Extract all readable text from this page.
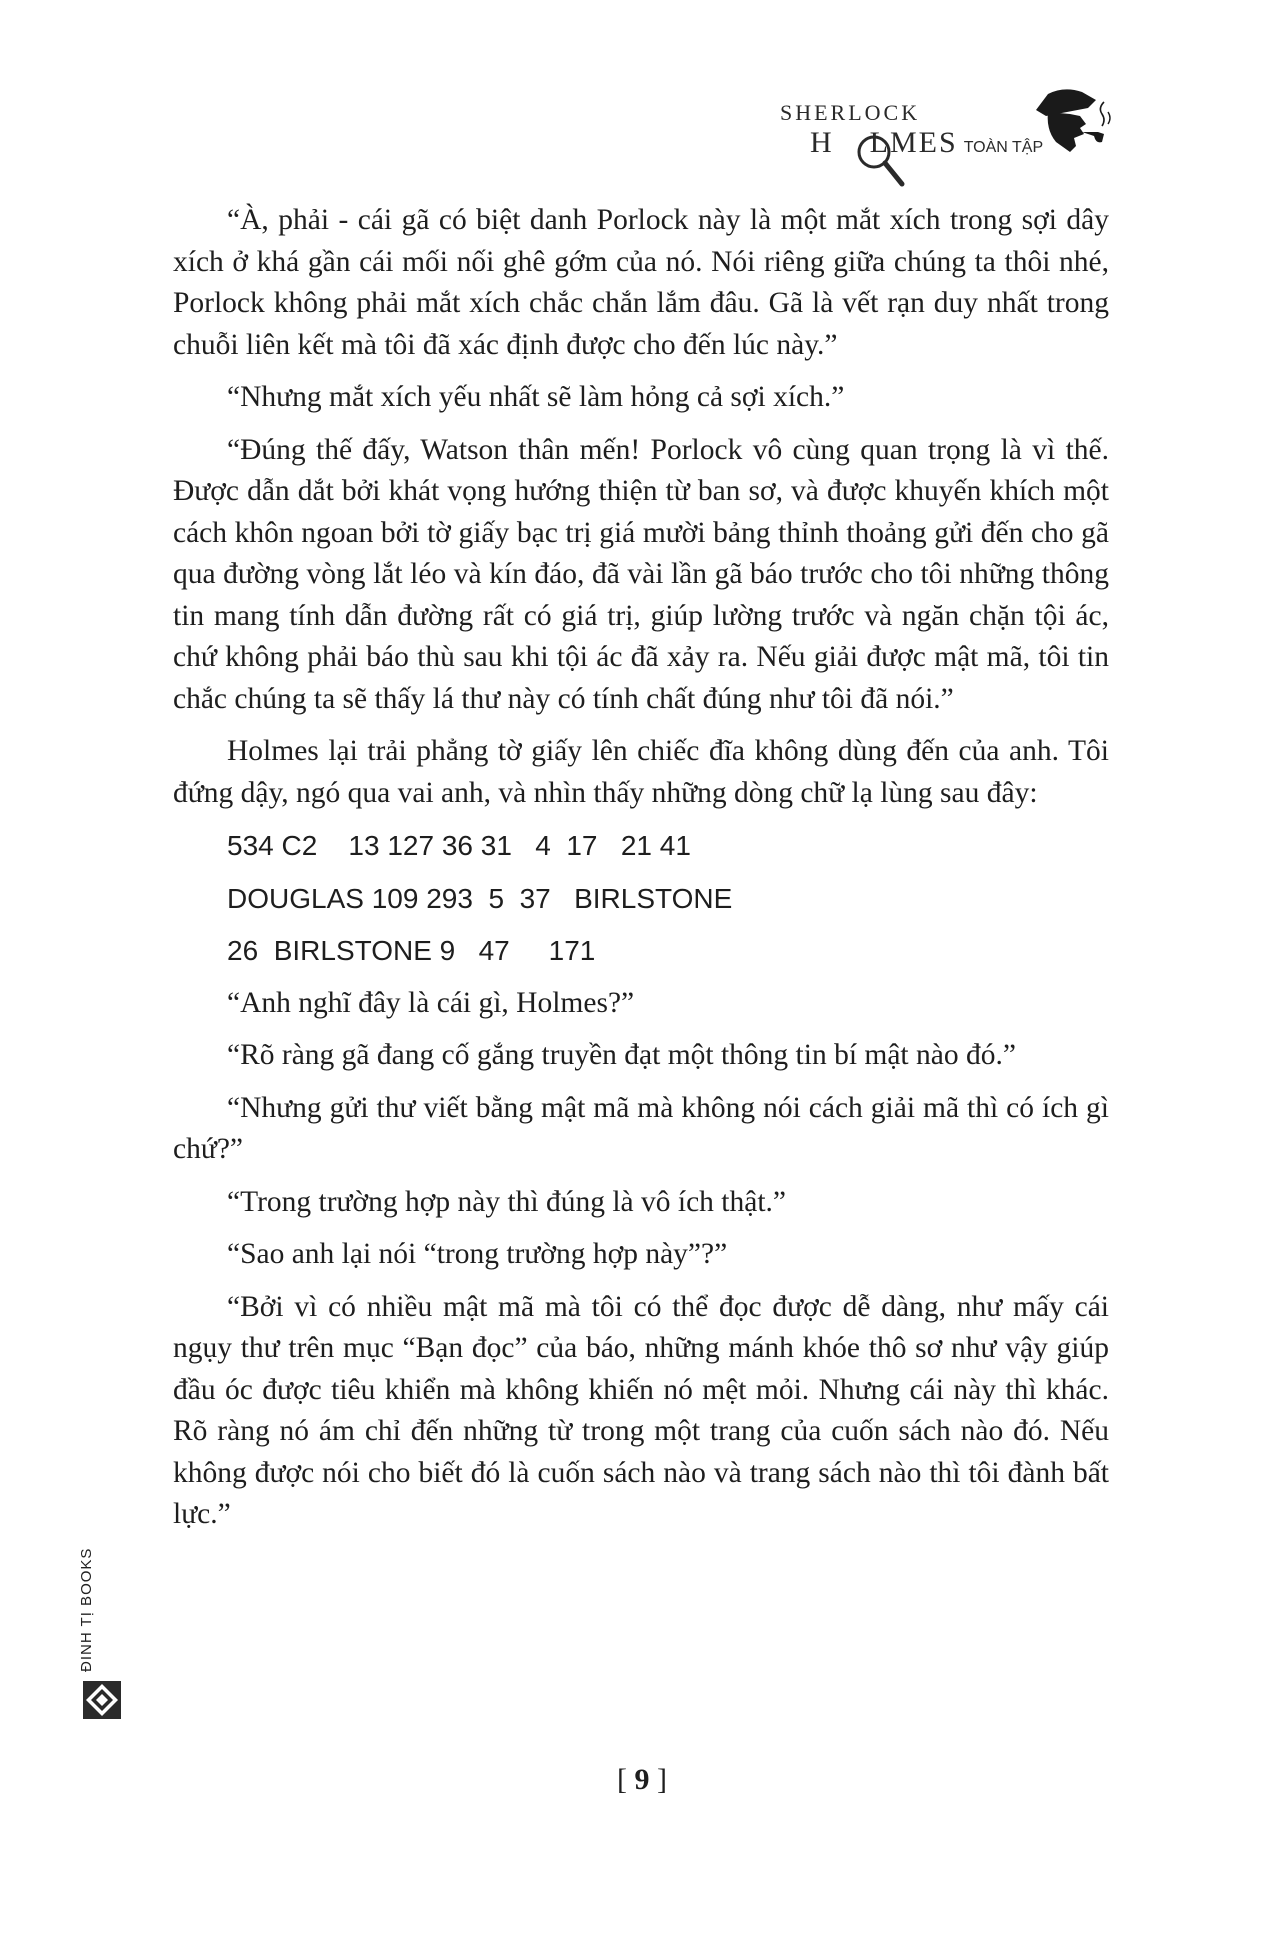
SHERLOCK
H LMES TOÀN TẬP

“À, phải - cái gã có biệt danh Porlock này là một mắt xích trong sợi dây xích ở khá gần cái mối nối ghê gớm của nó. Nói riêng giữa chúng ta thôi nhé, Porlock không phải mắt xích chắc chắn lắm đâu. Gã là vết rạn duy nhất trong chuỗi liên kết mà tôi đã xác định được cho đến lúc này.”

“Nhưng mắt xích yếu nhất sẽ làm hỏng cả sợi xích.”

“Đúng thế đấy, Watson thân mến! Porlock vô cùng quan trọng là vì thế. Được dẫn dắt bởi khát vọng hướng thiện từ ban sơ, và được khuyến khích một cách khôn ngoan bởi tờ giấy bạc trị giá mười bảng thỉnh thoảng gửi đến cho gã qua đường vòng lắt léo và kín đáo, đã vài lần gã báo trước cho tôi những thông tin mang tính dẫn đường rất có giá trị, giúp lường trước và ngăn chặn tội ác, chứ không phải báo thù sau khi tội ác đã xảy ra. Nếu giải được mật mã, tôi tin chắc chúng ta sẽ thấy lá thư này có tính chất đúng như tôi đã nói.”

Holmes lại trải phẳng tờ giấy lên chiếc đĩa không dùng đến của anh. Tôi đứng dậy, ngó qua vai anh, và nhìn thấy những dòng chữ lạ lùng sau đây:

534 C2    13 127 36 31   4  17   21 41

DOUGLAS 109 293  5  37   BIRLSTONE

26  BIRLSTONE 9   47     171

“Anh nghĩ đây là cái gì, Holmes?”

“Rõ ràng gã đang cố gắng truyền đạt một thông tin bí mật nào đó.”

“Nhưng gửi thư viết bằng mật mã mà không nói cách giải mã thì có ích gì chứ?”

“Trong trường hợp này thì đúng là vô ích thật.”

“Sao anh lại nói “trong trường hợp này”?”

“Bởi vì có nhiều mật mã mà tôi có thể đọc được dễ dàng, như mấy cái ngụy thư trên mục “Bạn đọc” của báo, những mánh khóe thô sơ như vậy giúp đầu óc được tiêu khiển mà không khiến nó mệt mỏi. Nhưng cái này thì khác. Rõ ràng nó ám chỉ đến những từ trong một trang của cuốn sách nào đó. Nếu không được nói cho biết đó là cuốn sách nào và trang sách nào thì tôi đành bất lực.”

[ 9 ]
ĐINH TỊ BOOKS
